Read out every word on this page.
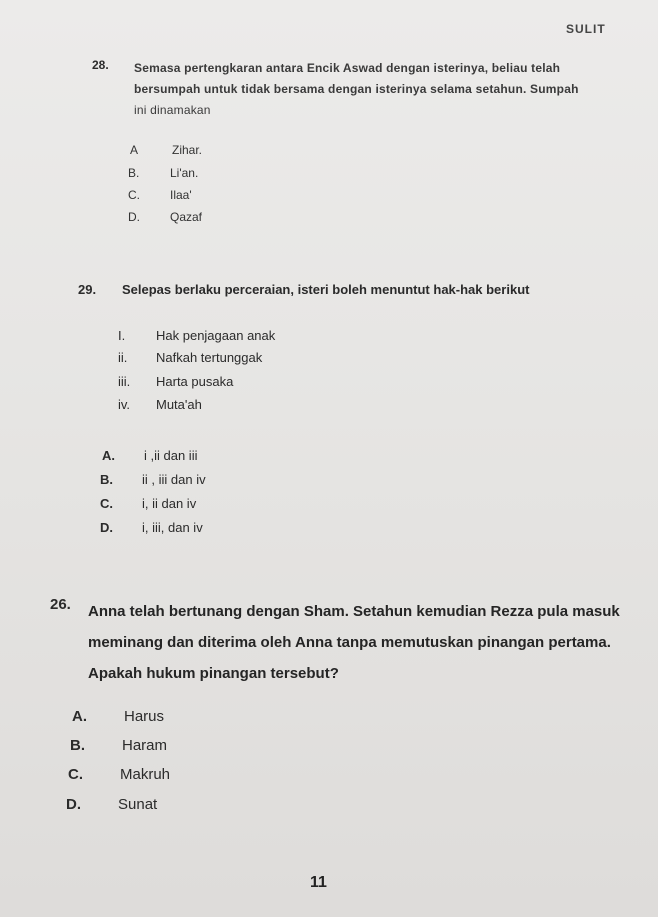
SULIT
28. Semasa pertengkaran antara Encik Aswad dengan isterinya, beliau telah
bersumpah untuk tidak bersama dengan isterinya selama setahun. Sumpah
ini dinamakan
A	Zihar.
B.	Li'an.
C.	Ilaa'
D.	Qazaf
29. Selepas berlaku perceraian, isteri boleh menuntut hak-hak berikut
I. Hak penjagaan anak
ii. Nafkah tertunggak
iii. Harta pusaka
iv. Muta'ah
A. i ,ii dan iii
B. ii , iii dan iv
C. i, ii dan iv
D. i, iii, dan iv
26. Anna telah bertunang dengan Sham. Setahun kemudian Rezza pula masuk
meminang dan diterima oleh Anna tanpa memutuskan pinangan pertama.
Apakah hukum pinangan tersebut?
A. Harus
B. Haram
C. Makruh
D. Sunat
11
